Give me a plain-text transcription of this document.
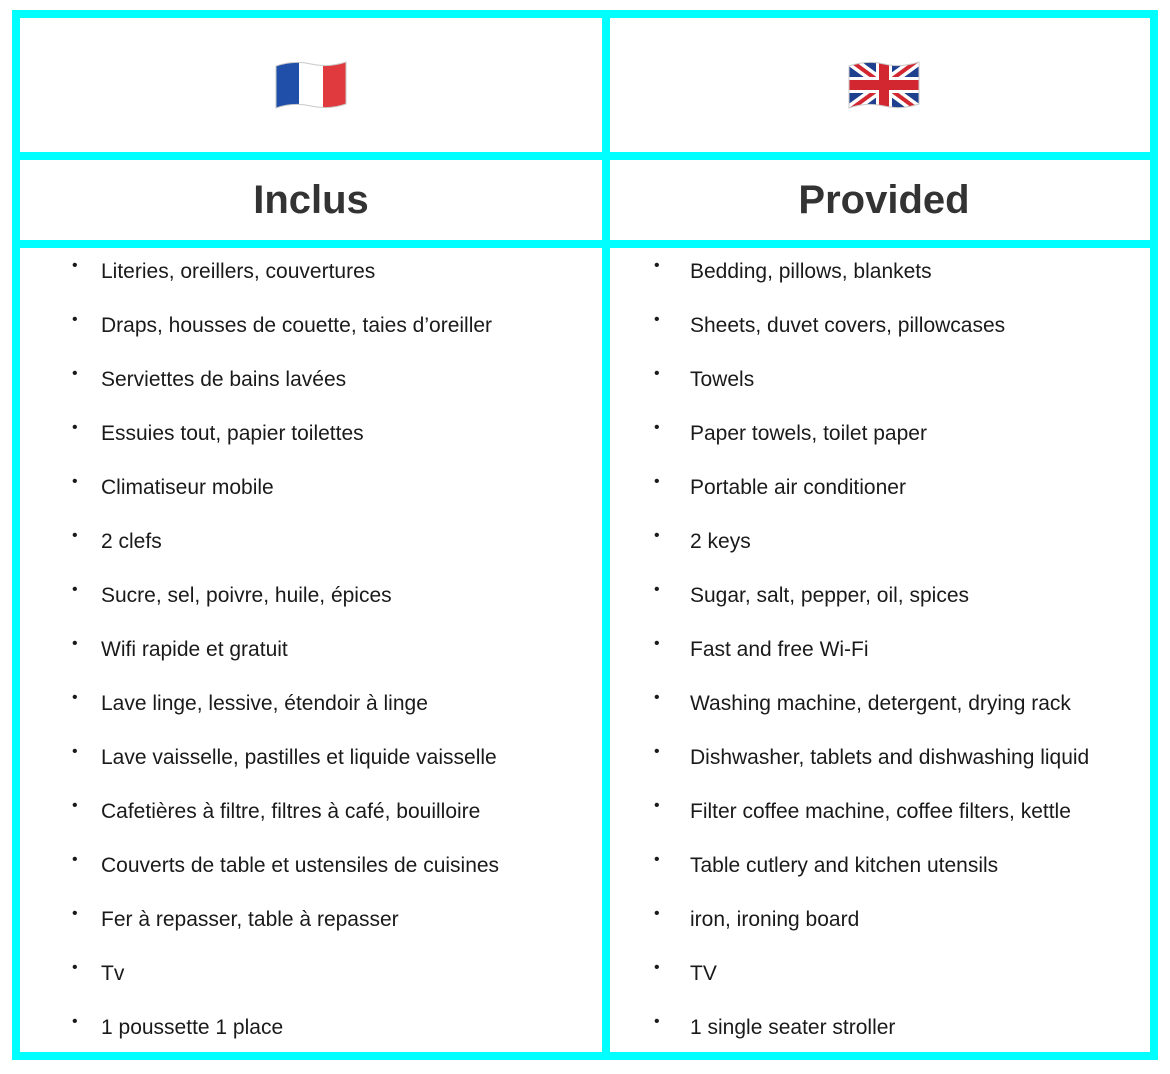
Inclus	Provided
• Literies, oreillers, couvertures
• Draps, housses de couette, taies d’oreiller
• Serviettes de bains lavées
• Essuies tout, papier toilettes
• Climatiseur mobile
• 2 clefs
• Sucre, sel, poivre, huile, épices
• Wifi rapide et gratuit
• Lave linge, lessive, étendoir à linge
• Lave vaisselle, pastilles et liquide vaisselle
• Cafetières à filtre, filtres à café, bouilloire
• Couverts de table et ustensiles de cuisines
• Fer à repasser, table à repasser
• Tv
• 1 poussette 1 place
• Bedding, pillows, blankets
• Sheets, duvet covers, pillowcases
• Towels
• Paper towels, toilet paper
• Portable air conditioner
• 2 keys
• Sugar, salt, pepper, oil, spices
• Fast and free Wi-Fi
• Washing machine, detergent, drying rack
• Dishwasher, tablets and dishwashing liquid
• Filter coffee machine, coffee filters, kettle
• Table cutlery and kitchen utensils
• iron, ironing board
• TV
• 1 single seater stroller
